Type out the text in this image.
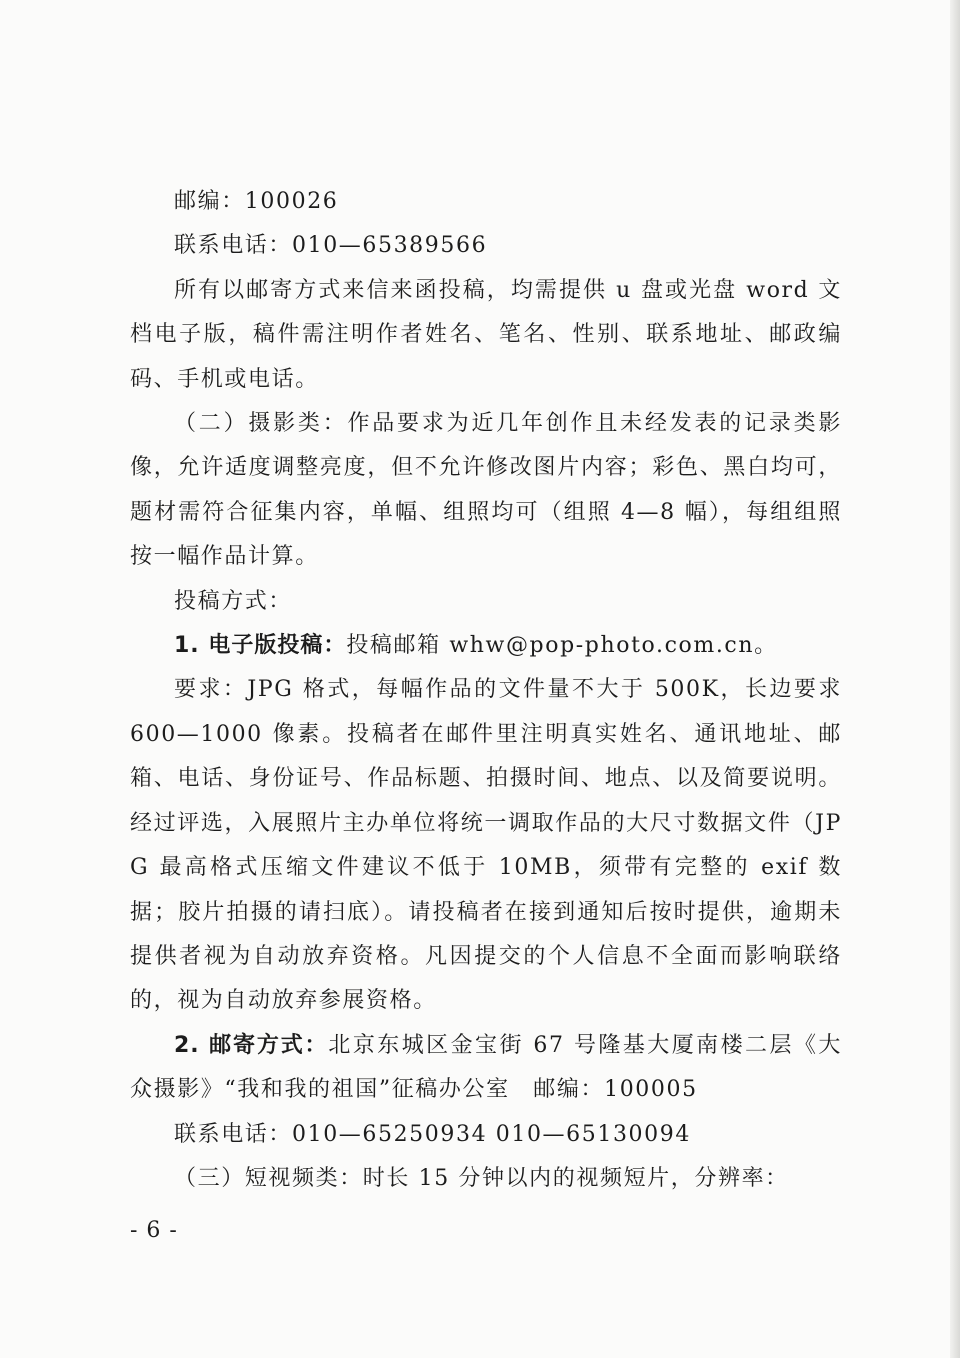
邮编：100026

联系电话：010—65389566

所有以邮寄方式来信来函投稿，均需提供 u 盘或光盘 word 文档电子版，稿件需注明作者姓名、笔名、性别、联系地址、邮政编码、手机或电话。

（二）摄影类：作品要求为近几年创作且未经发表的记录类影像，允许适度调整亮度，但不允许修改图片内容；彩色、黑白均可，题材需符合征集内容，单幅、组照均可（组照 4—8 幅），每组组照按一幅作品计算。

投稿方式：

1. 电子版投稿：投稿邮箱 whw@pop-photo.com.cn。

要求：JPG 格式，每幅作品的文件量不大于 500K，长边要求 600—1000 像素。投稿者在邮件里注明真实姓名、通讯地址、邮箱、电话、身份证号、作品标题、拍摄时间、地点、以及简要说明。经过评选，入展照片主办单位将统一调取作品的大尺寸数据文件（JPG 最高格式压缩文件建议不低于 10MB，须带有完整的 exif 数据；胶片拍摄的请扫底）。请投稿者在接到通知后按时提供，逾期未提供者视为自动放弃资格。凡因提交的个人信息不全面而影响联络的，视为自动放弃参展资格。

2. 邮寄方式：北京东城区金宝街 67 号隆基大厦南楼二层《大众摄影》“我和我的祖国”征稿办公室　邮编：100005

联系电话：010—65250934 010—65130094

（三）短视频类：时长 15 分钟以内的视频短片，分辨率：

- 6 -
